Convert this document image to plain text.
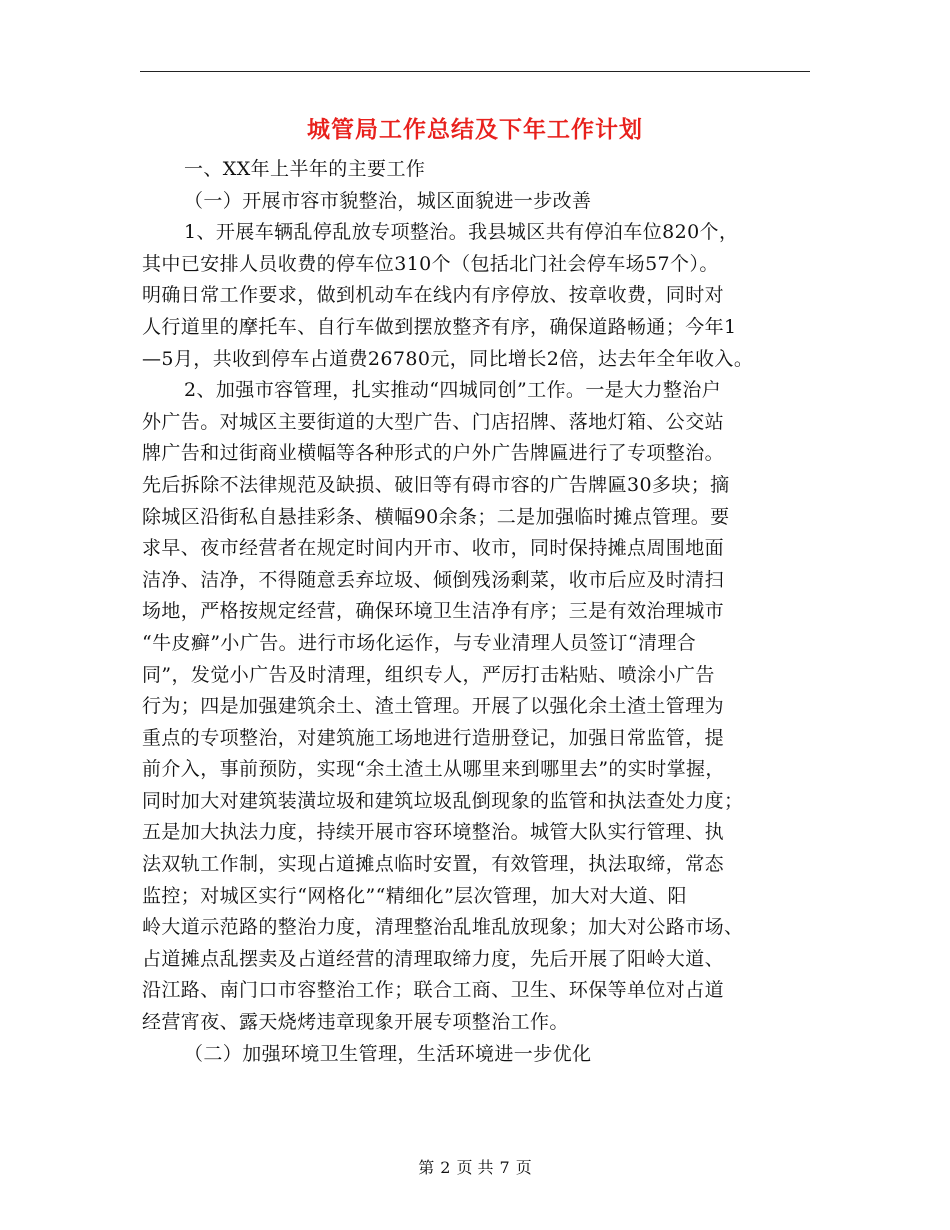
城管局工作总结及下年工作计划
一、XX年上半年的主要工作
（一）开展市容市貌整治，城区面貌进一步改善
1、开展车辆乱停乱放专项整治。我县城区共有停泊车位820个，
其中已安排人员收费的停车位310个（包括北门社会停车场57个）。
明确日常工作要求，做到机动车在线内有序停放、按章收费，同时对
人行道里的摩托车、自行车做到摆放整齐有序，确保道路畅通；今年1
—5月，共收到停车占道费26780元，同比增长2倍，达去年全年收入。
2、加强市容管理，扎实推动“四城同创”工作。一是大力整治户
外广告。对城区主要街道的大型广告、门店招牌、落地灯箱、公交站
牌广告和过街商业横幅等各种形式的户外广告牌匾进行了专项整治。
先后拆除不法律规范及缺损、破旧等有碍市容的广告牌匾30多块；摘
除城区沿街私自悬挂彩条、横幅90余条；二是加强临时摊点管理。要
求早、夜市经营者在规定时间内开市、收市，同时保持摊点周围地面
洁净、洁净，不得随意丢弃垃圾、倾倒残汤剩菜，收市后应及时清扫
场地，严格按规定经营，确保环境卫生洁净有序；三是有效治理城市
“牛皮癣”小广告。进行市场化运作，与专业清理人员签订“清理合
同”，发觉小广告及时清理，组织专人，严厉打击粘贴、喷涂小广告
行为；四是加强建筑余土、渣土管理。开展了以强化余土渣土管理为
重点的专项整治，对建筑施工场地进行造册登记，加强日常监管，提
前介入，事前预防，实现“余土渣土从哪里来到哪里去”的实时掌握，
同时加大对建筑装潢垃圾和建筑垃圾乱倒现象的监管和执法查处力度；
五是加大执法力度，持续开展市容环境整治。城管大队实行管理、执
法双轨工作制，实现占道摊点临时安置，有效管理，执法取缔，常态
监控；对城区实行“网格化”“精细化”层次管理，加大对大道、阳
岭大道示范路的整治力度，清理整治乱堆乱放现象；加大对公路市场、
占道摊点乱摆卖及占道经营的清理取缔力度，先后开展了阳岭大道、
沿江路、南门口市容整治工作；联合工商、卫生、环保等单位对占道
经营宵夜、露天烧烤违章现象开展专项整治工作。
（二）加强环境卫生管理，生活环境进一步优化
第 2 页 共 7 页
